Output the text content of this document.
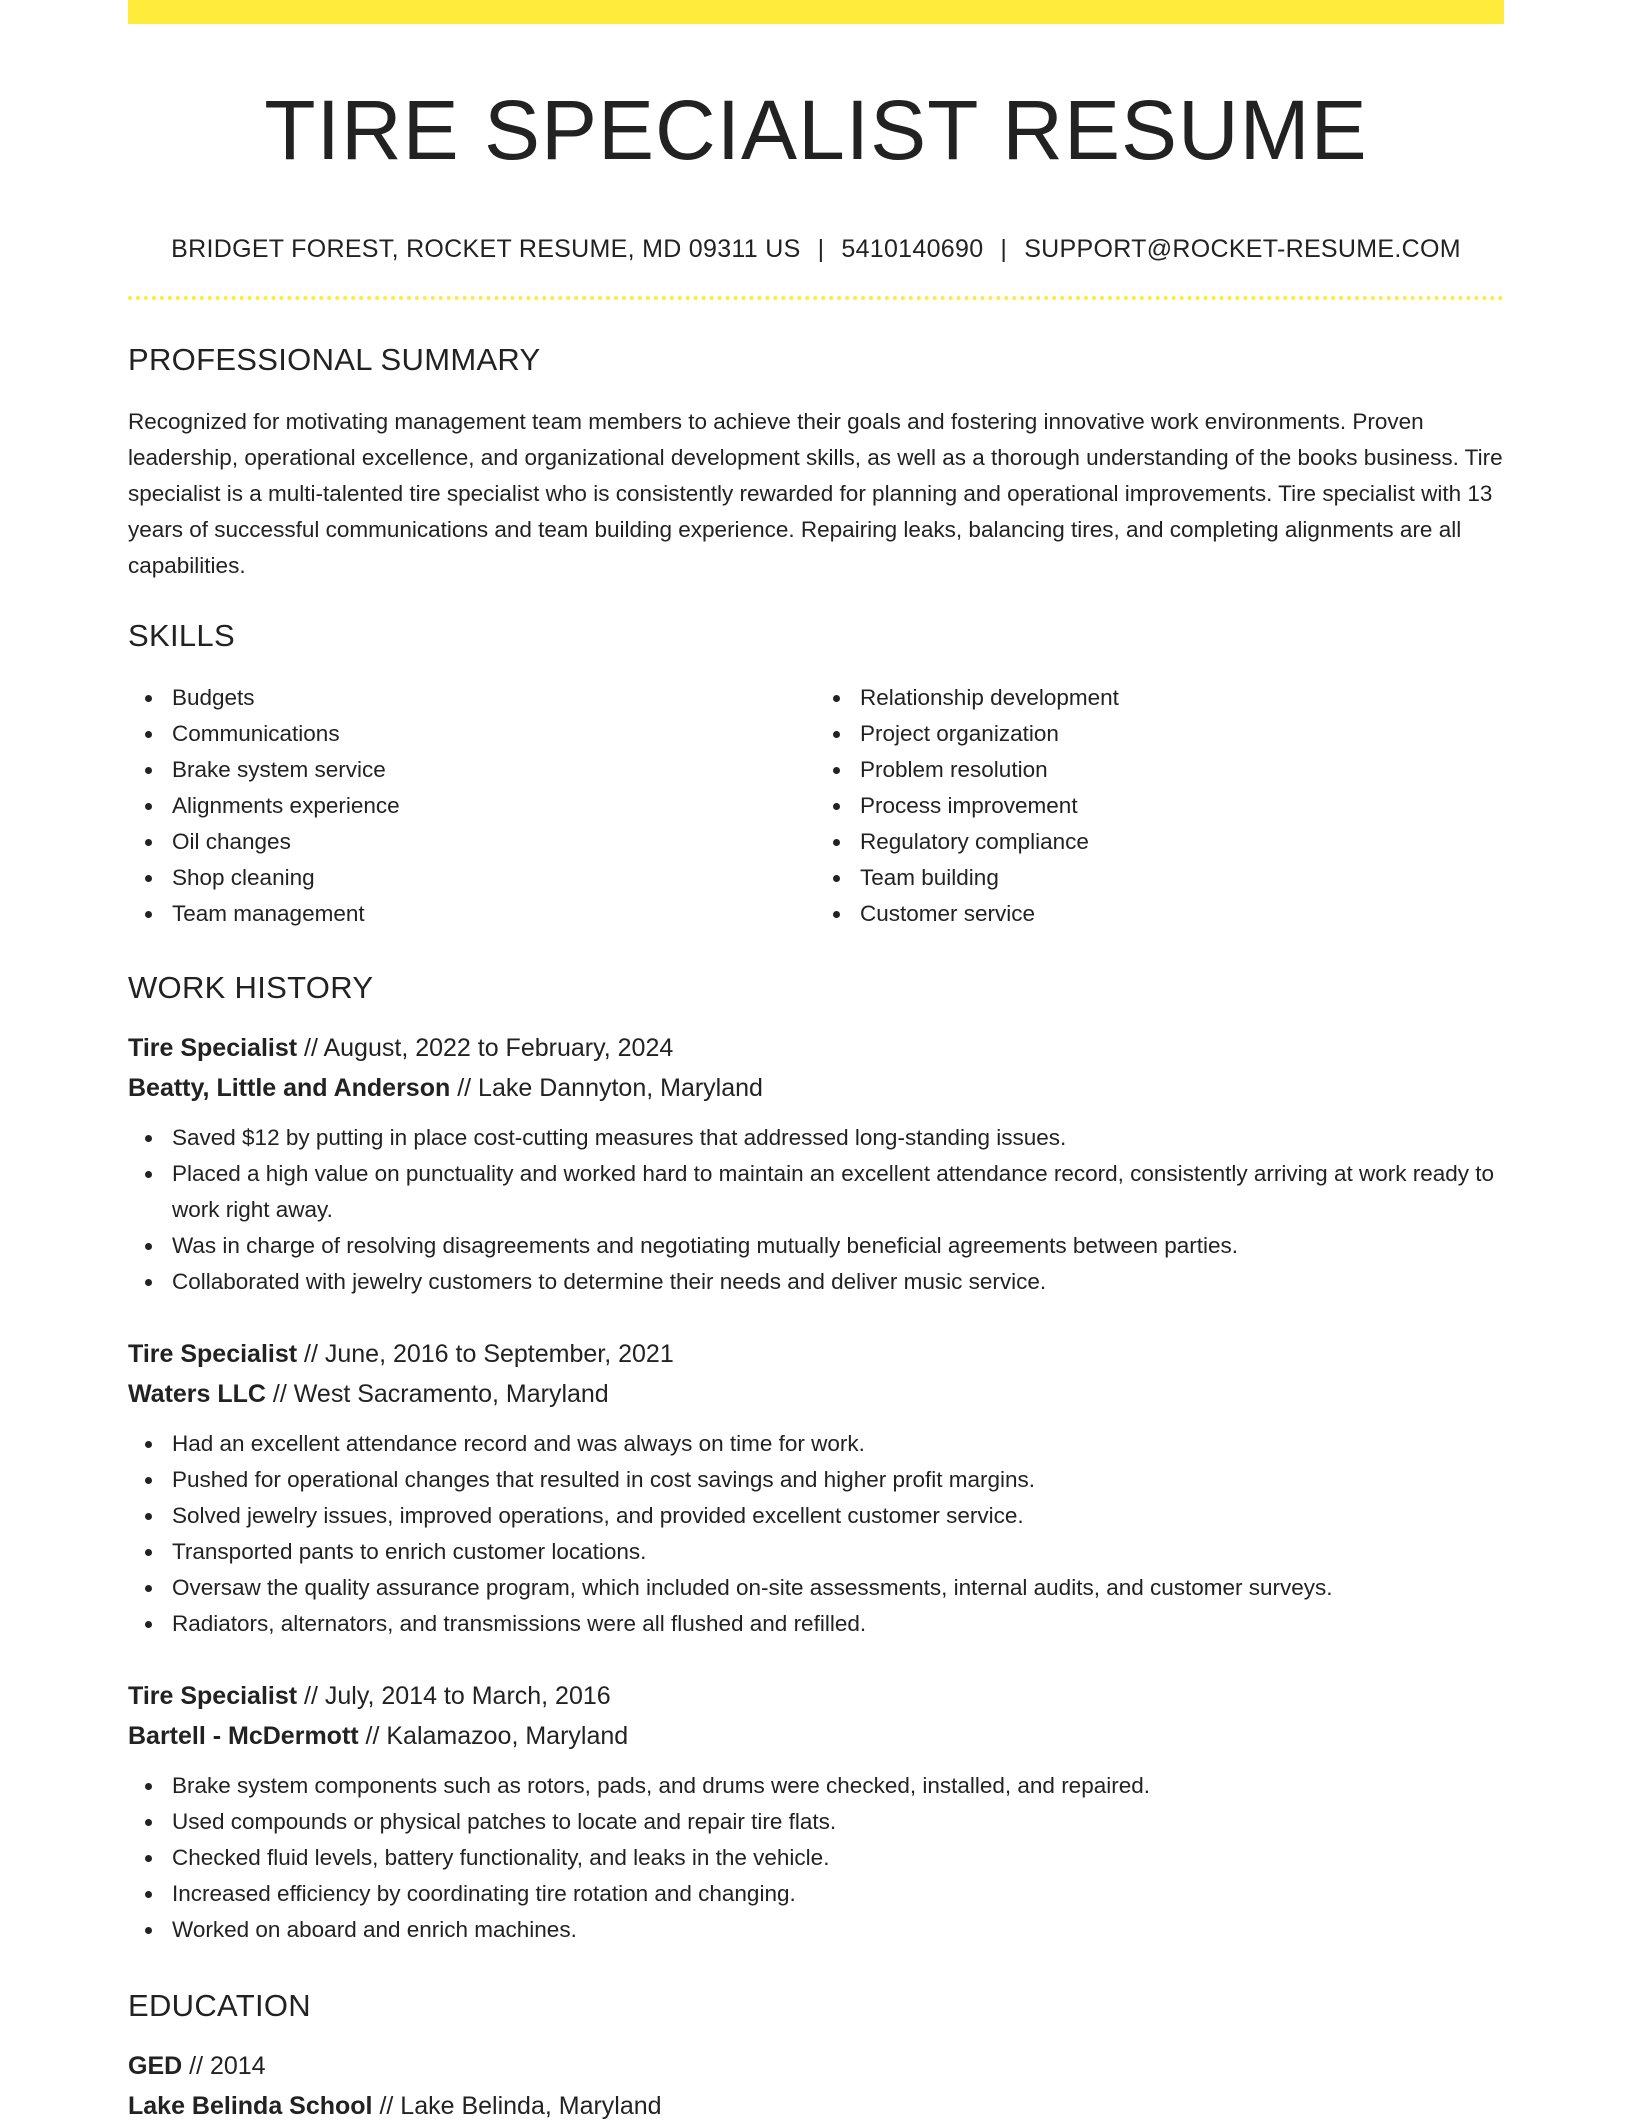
TIRE SPECIALIST RESUME
BRIDGET FOREST, ROCKET RESUME, MD 09311 US | 5410140690 | SUPPORT@ROCKET-RESUME.COM
PROFESSIONAL SUMMARY

Recognized for motivating management team members to achieve their goals and fostering innovative work environments. Proven leadership, operational excellence, and organizational development skills, as well as a thorough understanding of the books business. Tire specialist is a multi-talented tire specialist who is consistently rewarded for planning and operational improvements. Tire specialist with 13 years of successful communications and team building experience. Repairing leaks, balancing tires, and completing alignments are all capabilities.

SKILLS
Budgets
Communications
Brake system service
Alignments experience
Oil changes
Shop cleaning
Team management
Relationship development
Project organization
Problem resolution
Process improvement
Regulatory compliance
Team building
Customer service
WORK HISTORY
Tire Specialist // August, 2022 to February, 2024
Beatty, Little and Anderson // Lake Dannyton, Maryland
Saved $12 by putting in place cost-cutting measures that addressed long-standing issues.
Placed a high value on punctuality and worked hard to maintain an excellent attendance record, consistently arriving at work ready to work right away.
Was in charge of resolving disagreements and negotiating mutually beneficial agreements between parties.
Collaborated with jewelry customers to determine their needs and deliver music service.
Tire Specialist // June, 2016 to September, 2021
Waters LLC // West Sacramento, Maryland
Had an excellent attendance record and was always on time for work.
Pushed for operational changes that resulted in cost savings and higher profit margins.
Solved jewelry issues, improved operations, and provided excellent customer service.
Transported pants to enrich customer locations.
Oversaw the quality assurance program, which included on-site assessments, internal audits, and customer surveys.
Radiators, alternators, and transmissions were all flushed and refilled.
Tire Specialist // July, 2014 to March, 2016
Bartell - McDermott // Kalamazoo, Maryland
Brake system components such as rotors, pads, and drums were checked, installed, and repaired.
Used compounds or physical patches to locate and repair tire flats.
Checked fluid levels, battery functionality, and leaks in the vehicle.
Increased efficiency by coordinating tire rotation and changing.
Worked on aboard and enrich machines.
EDUCATION
GED // 2014
Lake Belinda School // Lake Belinda, Maryland
